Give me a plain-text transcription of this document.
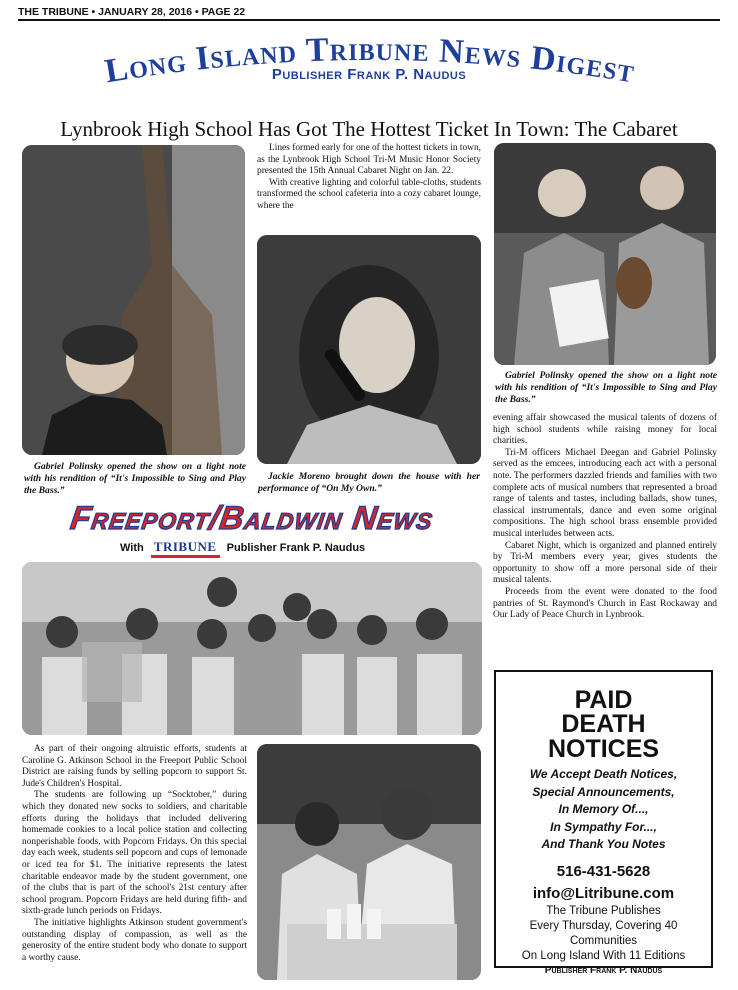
THE TRIBUNE • JANUARY 28, 2016 • PAGE 22
Long Island Tribune News Digest
Publisher Frank P. Naudus
Lynbrook High School Has Got The Hottest Ticket In Town: The Cabaret
Gabriel Polinsky opened the show on a light note with his rendition of “It's Impossible to Sing and Play the Bass.”

Lines formed early for one of the hottest tickets in town, as the Lynbrook High School Tri-M Music Honor Society presented the 15th Annual Cabaret Night on Jan. 22.

With creative lighting and colorful table-cloths, students transformed the school cafeteria into a cozy cabaret lounge, where the

Jackie Moreno brought down the house with her performance of “On My Own.”
Gabriel Polinsky opened the show on a light note with his rendition of “It's Impossible to Sing and Play the Bass.”

evening affair showcased the musical talents of dozens of high school students while raising money for local charities.

Tri-M officers Michael Deegan and Gabriel Polinsky served as the emcees, introducing each act with a personal note. The performers dazzled friends and families with two complete acts of musical numbers that represented a broad range of talents and tastes, including ballads, show tunes, classical instrumentals, dance and even some original compositions. The high school brass ensemble provided musical interludes between acts.

Cabaret Night, which is organized and planned entirely by Tri-M members every year, gives students the opportunity to show off a more personal side of their musical talents.

Proceeds from the event were donated to the food pantries of St. Raymond's Church in East Rockaway and Our Lady of Peace Church in Lynbrook.

Freeport/Baldwin News
With TRIBUNE Publisher Frank P. Naudus

As part of their ongoing altruistic efforts, students at Caroline G. Atkinson School in the Freeport Public School District are raising funds by selling popcorn to support St. Jude's Children's Hospital.

The students are following up “Socktober,” during which they donated new socks to soldiers, and charitable efforts during the holidays that included delivering homemade cookies to a local police station and collecting nonperishable foods, with Popcorn Fridays. On this special day each week, students sell popcorn and cups of lemonade or iced tea for $1. The initiative represents the latest charitable endeavor made by the student government, one of the clubs that is part of the school's 21st century after school program. Popcorn Fridays are held during fifth- and sixth-grade lunch periods on Fridays.

The initiative highlights Atkinson student government's outstanding display of compassion, as well as the generosity of the entire student body who donate to support a worthy cause.

PAID
DEATH
NOTICES
We Accept Death Notices,
Special Announcements,
In Memory Of...,
In Sympathy For...,
And Thank You Notes
516-431-5628
info@Litribune.com
The Tribune Publishes
Every Thursday, Covering 40 Communities
On Long Island With 11 Editions
Publisher Frank P. Naudus
